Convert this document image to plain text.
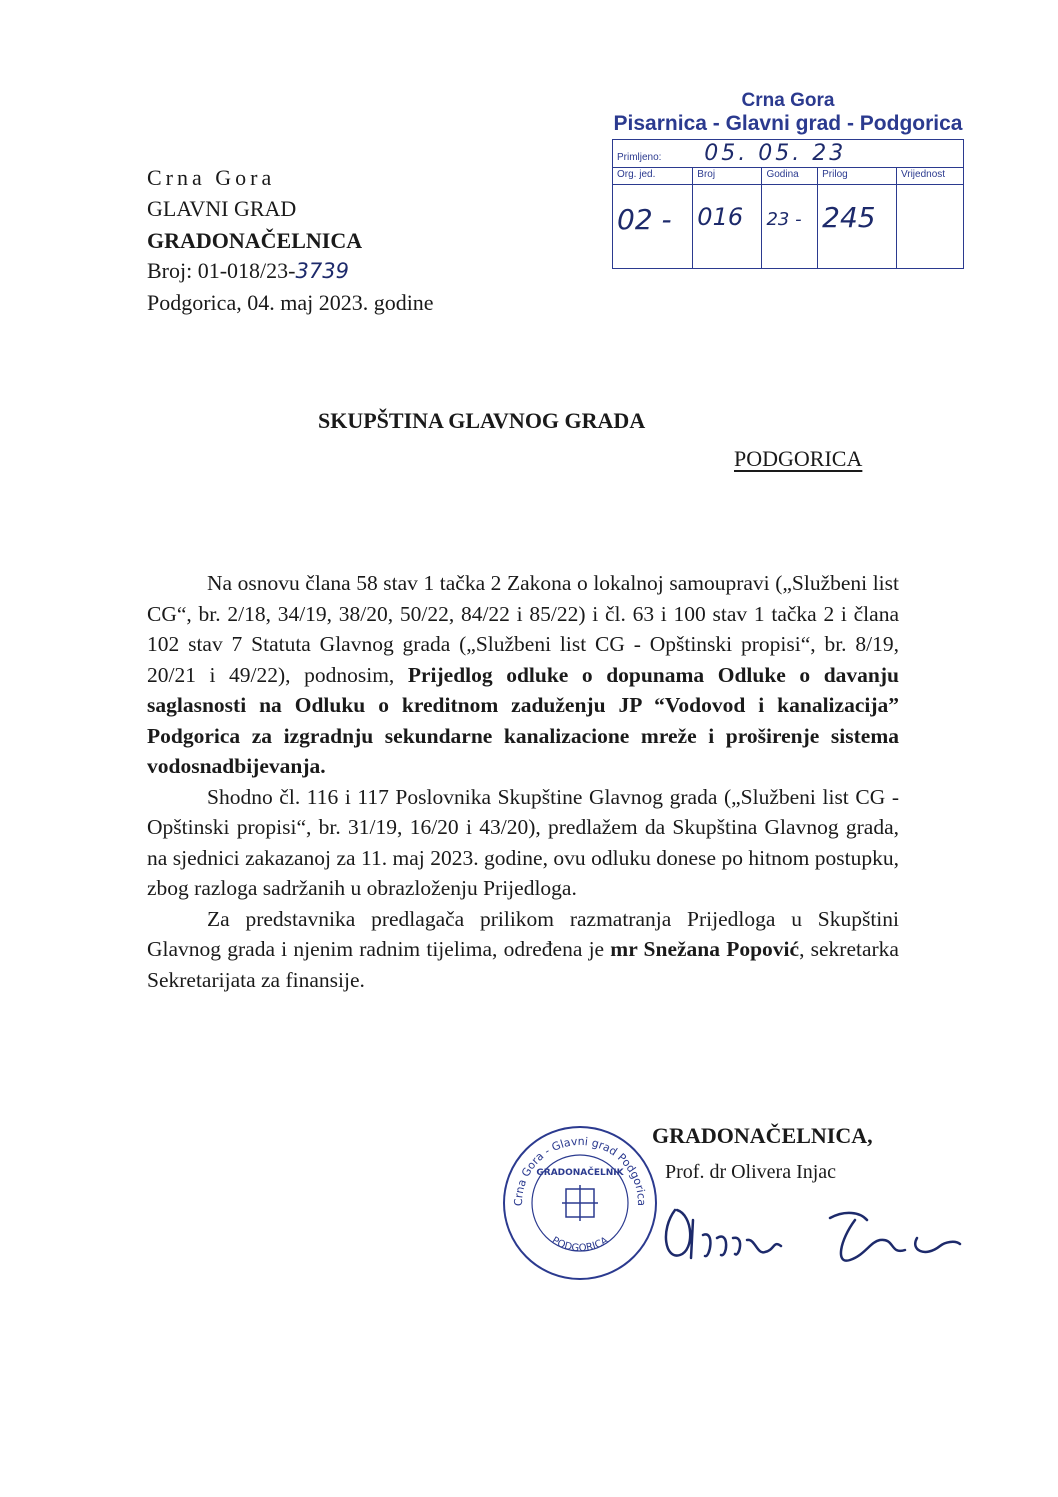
Crna Gora
GLAVNI GRAD
GRADONAČELNICA
Broj: 01-018/23-3739
Podgorica, 04. maj 2023. godine
Crna Gora
Pisarnica - Glavni grad - Podgorica
Primljeno: 05. 05. 23				
Org. jed.	Broj	Godina	Prilog	Vrijednost
02 -	016	23 -	245	
SKUPŠTINA GLAVNOG GRADA
PODGORICA

Na osnovu člana 58 stav 1 tačka 2 Zakona o lokalnoj samoupravi („Službeni list CG“, br. 2/18, 34/19, 38/20, 50/22, 84/22 i 85/22) i čl. 63 i 100 stav 1 tačka 2 i člana 102 stav 7 Statuta Glavnog grada („Službeni list CG - Opštinski propisi“, br. 8/19, 20/21 i 49/22), podnosim, Prijedlog odluke o dopunama Odluke o davanju saglasnosti na Odluku o kreditnom zaduženju JP “Vodovod i kanalizacija” Podgorica za izgradnju sekundarne kanalizacione mreže i proširenje sistema vodosnadbijevanja.

Shodno čl. 116 i 117 Poslovnika Skupštine Glavnog grada („Službeni list CG - Opštinski propisi“, br. 31/19, 16/20 i 43/20), predlažem da Skupština Glavnog grada, na sjednici zakazanoj za 11. maj 2023. godine, ovu odluku donese po hitnom postupku, zbog razloga sadržanih u obrazloženju Prijedloga.

Za predstavnika predlagača prilikom razmatranja Prijedloga u Skupštini Glavnog grada i njenim radnim tijelima, određena je mr Snežana Popović, sekretarka Sekretarijata za finansije.

GRADONAČELNICA,
Prof. dr Olivera Injac
Crna Gora - Glavni grad Podgorica
GRADONAČELNIK
PODGORICA
